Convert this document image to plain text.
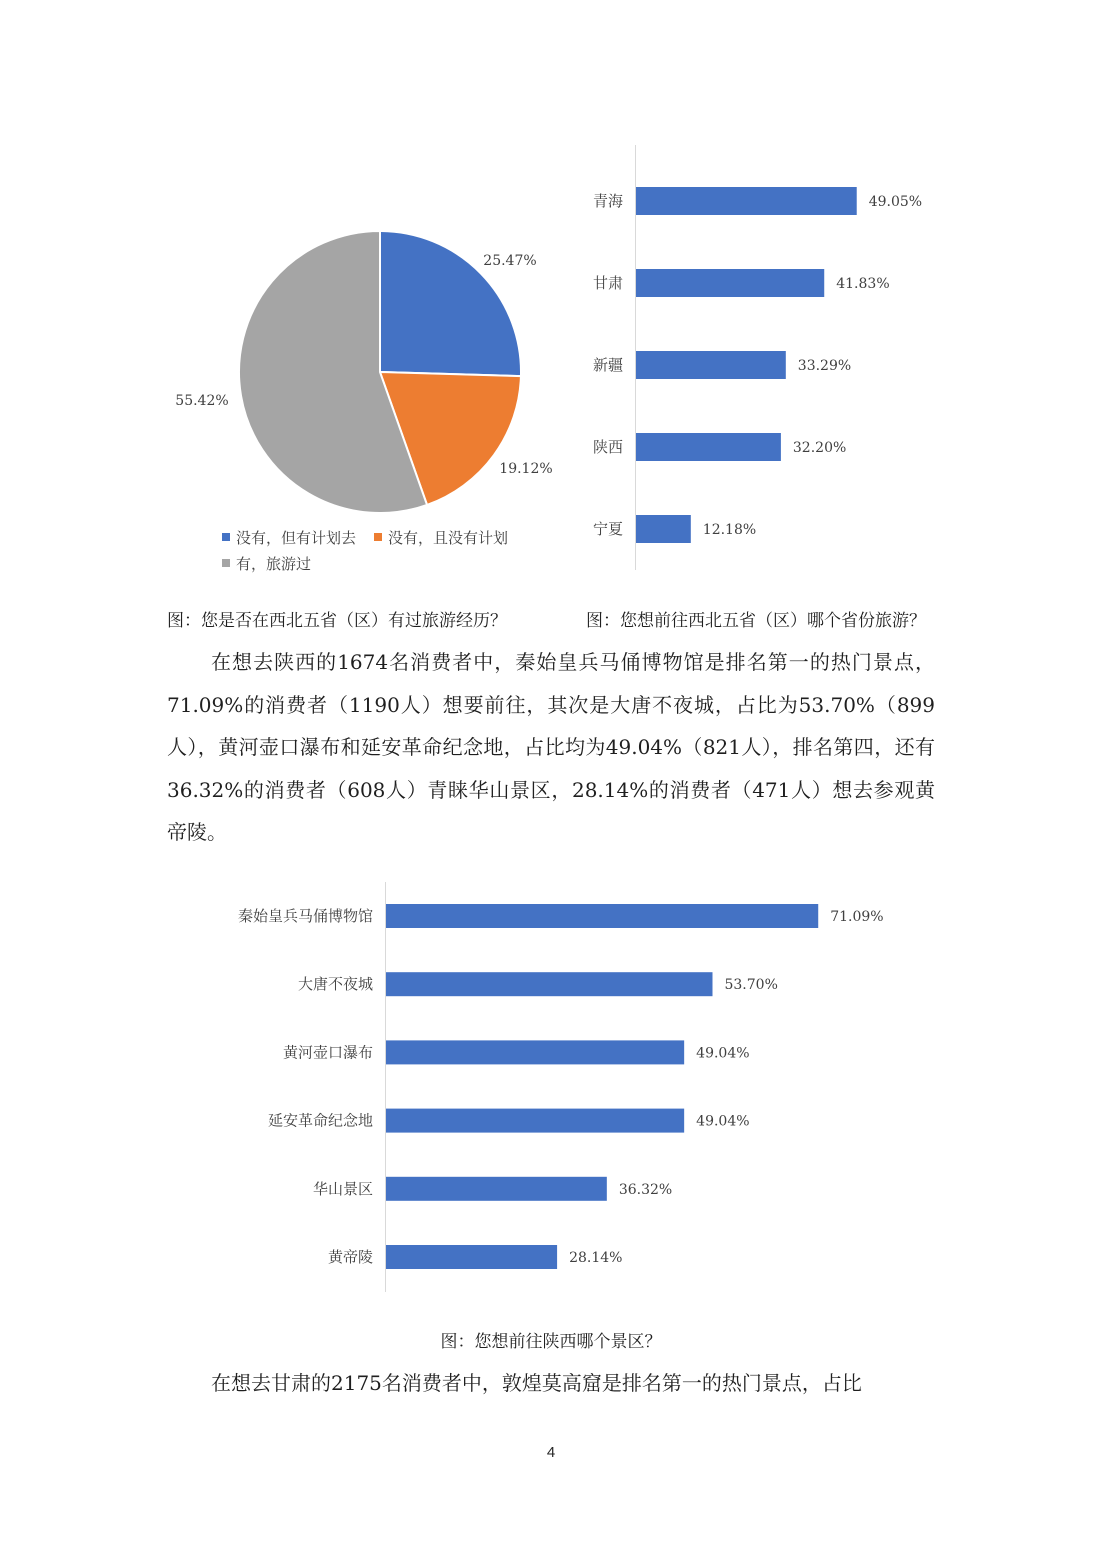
25.47%
19.12%
55.42%
没有，但有计划去 没有，且没有计划
有，旅游过
青海	49.05%
甘肃	41.83%
新疆	33.29%
陕西	32.20%
宁夏	12.18%
秦始皇兵马俑博物馆	71.09%
大唐不夜城	53.70%
黄河壶口瀑布	49.04%
延安革命纪念地	49.04%
华山景区	36.32%
黄帝陵	28.14%
图：您是否在西北五省（区）有过旅游经历？	图：您想前往西北五省（区）哪个省份旅游？
在想去陕西的1674名消费者中，秦始皇兵马俑博物馆是排名第一的热门景点，71.09%的消费者（1190人）想要前往，其次是大唐不夜城，占比为53.70%（899人），黄河壶口瀑布和延安革命纪念地，占比均为49.04%（821人），排名第四，还有36.32%的消费者（608人）青睐华山景区，28.14%的消费者（471人）想去参观黄帝陵。
图：您想前往陕西哪个景区？
在想去甘肃的2175名消费者中，敦煌莫高窟是排名第一的热门景点，占比
4
